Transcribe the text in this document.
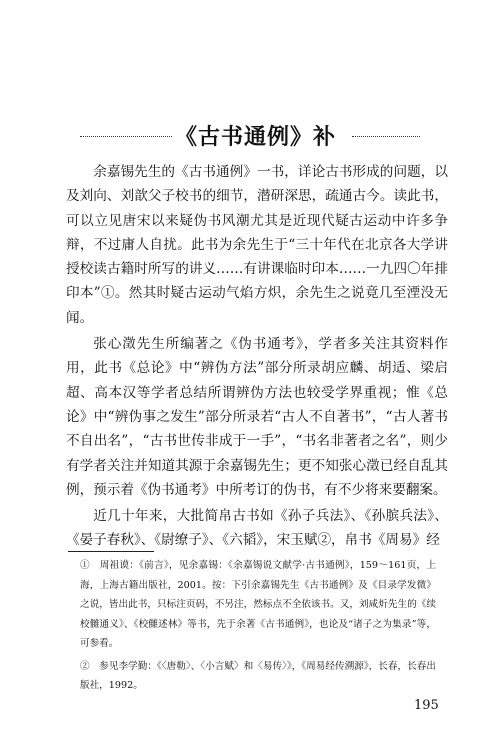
《古书通例》补

余嘉锡先生的《古书通例》一书，详论古书形成的问题，以及刘向、刘歆父子校书的细节，潜研深思，疏通古今。读此书，可以立见唐宋以来疑伪书风潮尤其是近现代疑古运动中许多争辩，不过庸人自扰。此书为余先生于“三十年代在北京各大学讲授校读古籍时所写的讲义……有讲课临时印本……一九四〇年排印本”①。然其时疑古运动气焰方炽，余先生之说竟几至湮没无闻。

张心澂先生所编著之《伪书通考》，学者多关注其资料作用，此书《总论》中“辨伪方法”部分所录胡应麟、胡适、梁启超、高本汉等学者总结所谓辨伪方法也较受学界重视；惟《总论》中“辨伪事之发生”部分所录若“古人不自著书”，“古人著书不自出名”，“古书世传非成于一手”，“书名非著者之名”，则少有学者关注并知道其源于余嘉锡先生；更不知张心澂已经自乱其例，预示着《伪书通考》中所考订的伪书，有不少将来要翻案。

近几十年来，大批简帛古书如《孙子兵法》、《孙膑兵法》、《晏子春秋》、《尉缭子》、《六韬》，宋玉赋②，帛书《周易》经

①　周祖谟：《前言》，见余嘉锡：《余嘉锡说文献学·古书通例》，159～161页，上海，上海古籍出版社，2001。按：下引余嘉锡先生《古书通例》及《目录学发微》之说，皆出此书，只标注页码，不另注，然标点不全依该书。又，刘咸炘先生的《续校雠通义》、《校雠述林》等书，先于余著《古书通例》，也论及“诸子之为集录”等，可参看。

②　参见李学勤：《〈唐勒〉、〈小言赋〉和〈易传〉》，《周易经传溯源》，长春，长春出版社，1992。

195
